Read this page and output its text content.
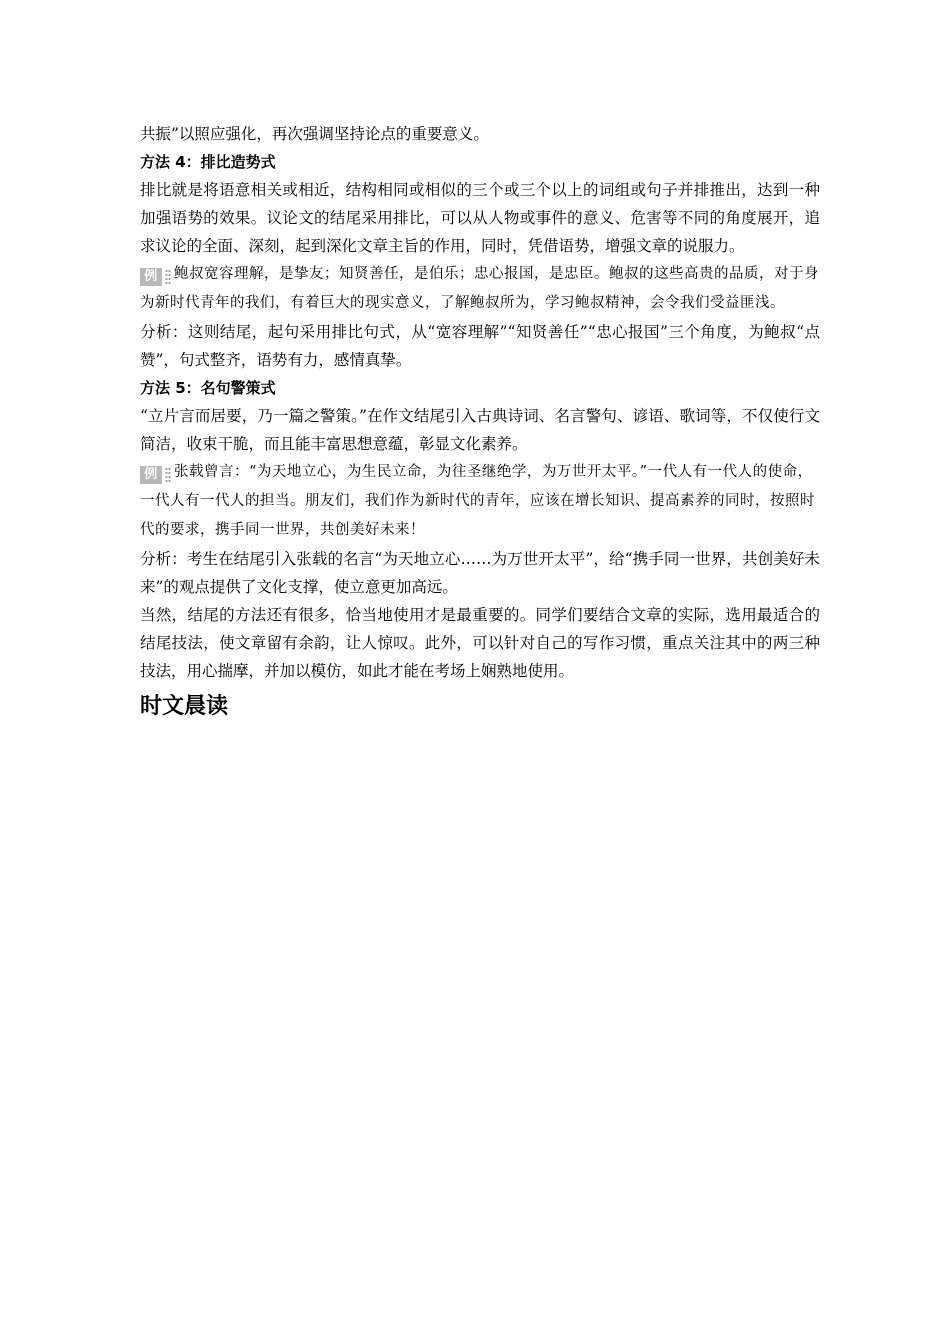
共振”以照应强化，再次强调坚持论点的重要意义。

方法 4：排比造势式

排比就是将语意相关或相近，结构相同或相似的三个或三个以上的词组或句子并排推出，达到一种加强语势的效果。议论文的结尾采用排比，可以从人物或事件的意义、危害等不同的角度展开，追求议论的全面、深刻，起到深化文章主旨的作用，同时，凭借语势，增强文章的说服力。

例 鲍叔宽容理解，是挚友；知贤善任，是伯乐；忠心报国，是忠臣。鲍叔的这些高贵的品质，对于身为新时代青年的我们，有着巨大的现实意义，了解鲍叔所为，学习鲍叔精神，会令我们受益匪浅。

分析：这则结尾，起句采用排比句式，从“宽容理解”“知贤善任”“忠心报国”三个角度，为鲍叔“点赞”，句式整齐，语势有力，感情真挚。

方法 5：名句警策式

“立片言而居要，乃一篇之警策。”在作文结尾引入古典诗词、名言警句、谚语、歌词等，不仅使行文简洁，收束干脆，而且能丰富思想意蕴，彰显文化素养。

例 张载曾言：“为天地立心，为生民立命，为往圣继绝学，为万世开太平。”一代人有一代人的使命，一代人有一代人的担当。朋友们，我们作为新时代的青年，应该在增长知识、提高素养的同时，按照时代的要求，携手同一世界，共创美好未来！

分析：考生在结尾引入张载的名言“为天地立心……为万世开太平”，给“携手同一世界，共创美好未来”的观点提供了文化支撑，使立意更加高远。

当然，结尾的方法还有很多，恰当地使用才是最重要的。同学们要结合文章的实际，选用最适合的结尾技法，使文章留有余韵，让人惊叹。此外，可以针对自己的写作习惯，重点关注其中的两三种技法，用心揣摩，并加以模仿，如此才能在考场上娴熟地使用。

时文晨读
